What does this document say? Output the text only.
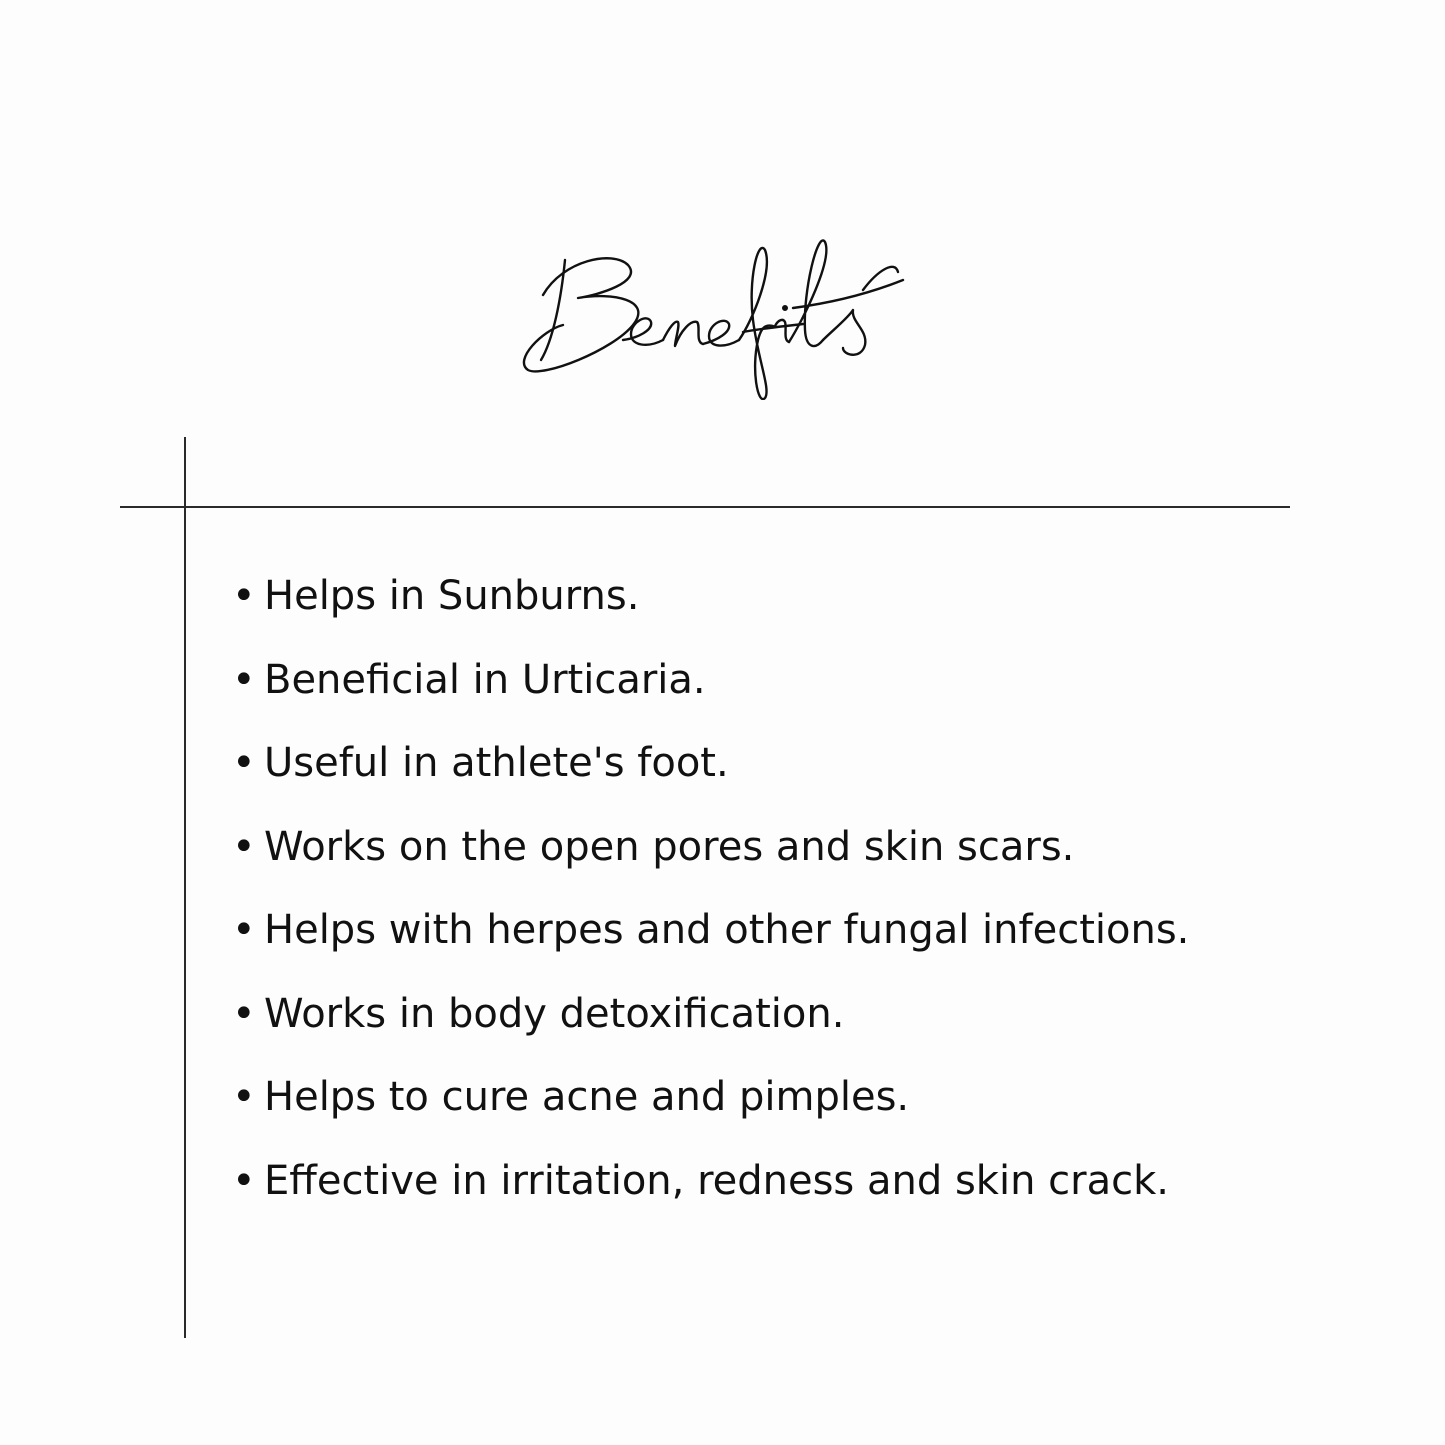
• Helps in Sunburns.
• Beneficial in Urticaria.
• Useful in athlete's foot.
• Works on the open pores and skin scars.
• Helps with herpes and other fungal infections.
• Works in body detoxification.
• Helps to cure acne and pimples.
• Effective in irritation, redness and skin crack.
